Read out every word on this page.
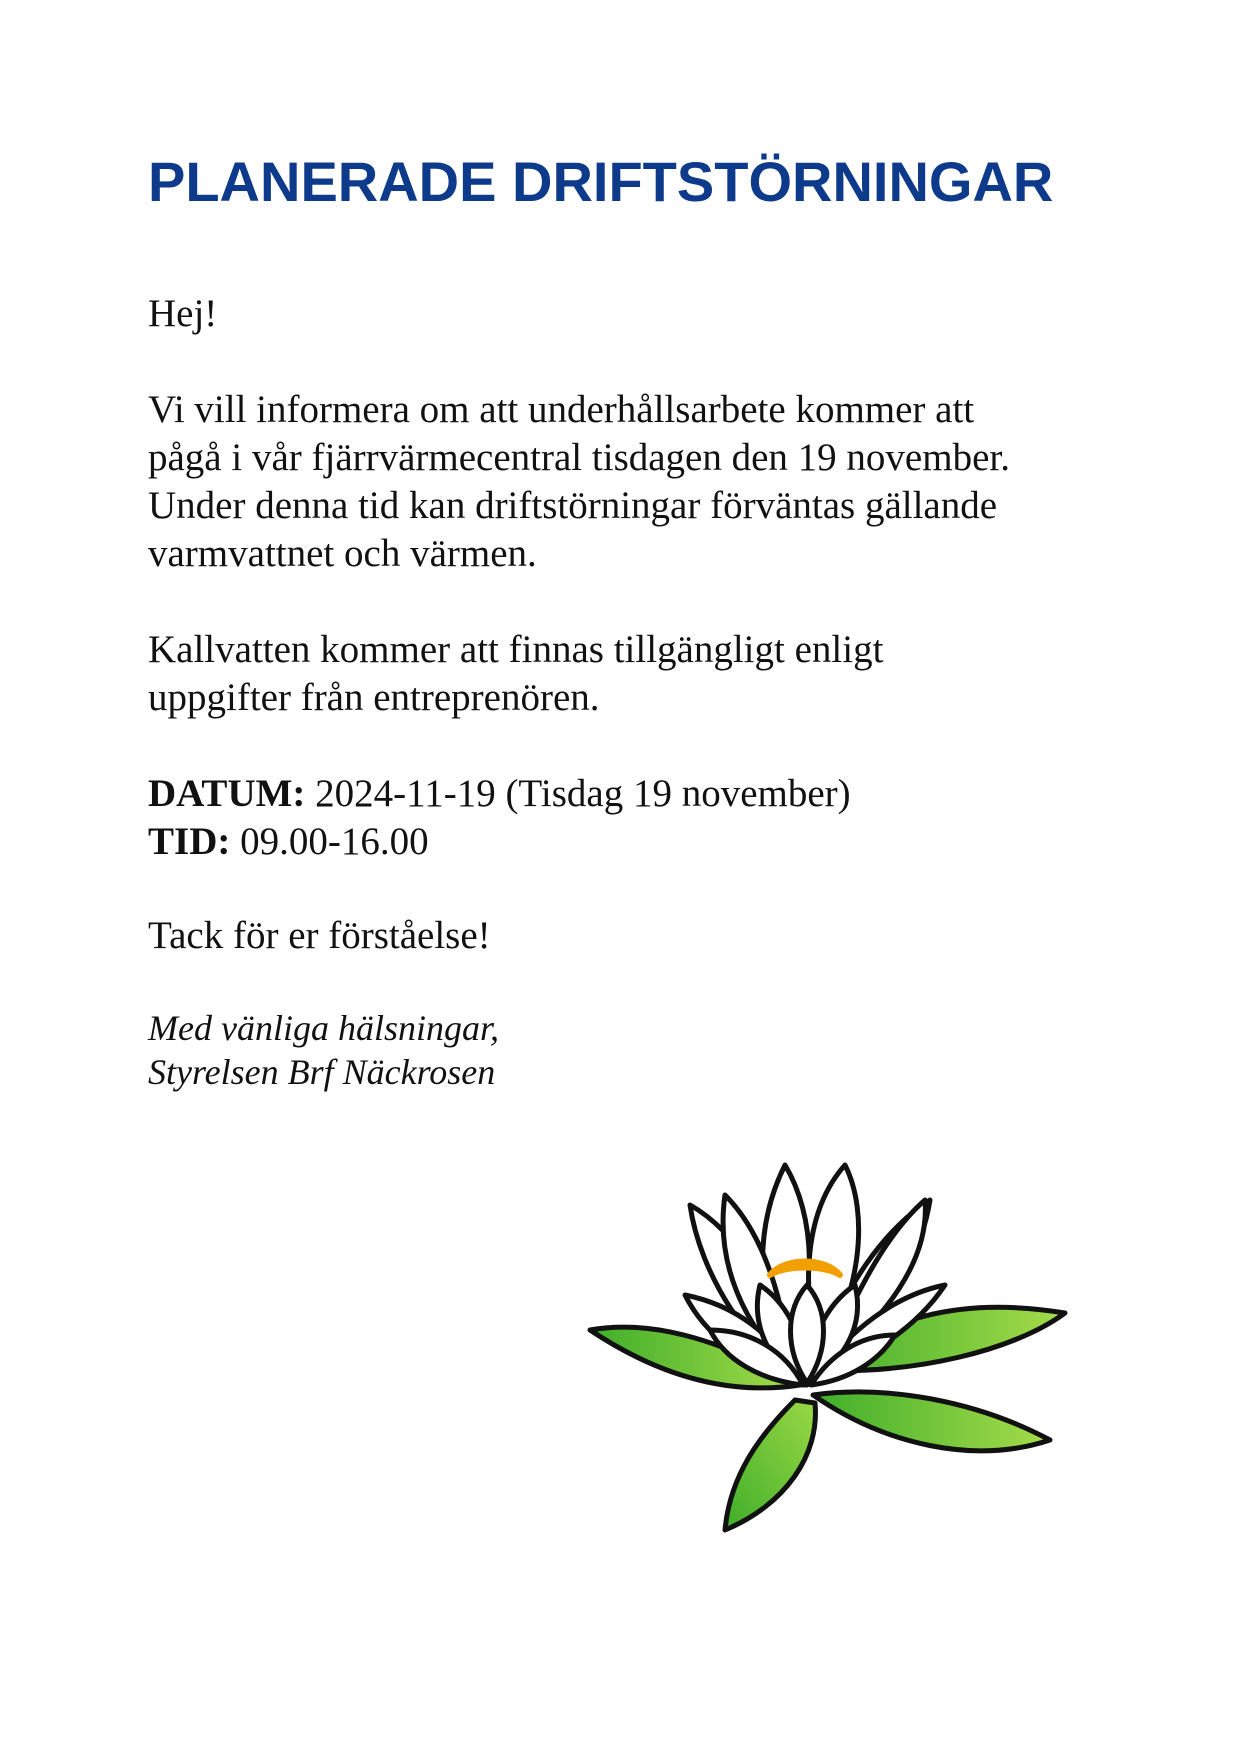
PLANERADE DRIFTSTÖRNINGAR

Hej!

Vi vill informera om att underhållsarbete kommer att
pågå i vår fjärrvärmecentral tisdagen den 19 november.
Under denna tid kan driftstörningar förväntas gällande
varmvattnet och värmen.

Kallvatten kommer att finnas tillgängligt enligt
uppgifter från entreprenören.

DATUM: 2024-11-19 (Tisdag 19 november)

TID: 09.00-16.00

Tack för er förståelse!

Med vänliga hälsningar,
Styrelsen Brf Näckrosen
